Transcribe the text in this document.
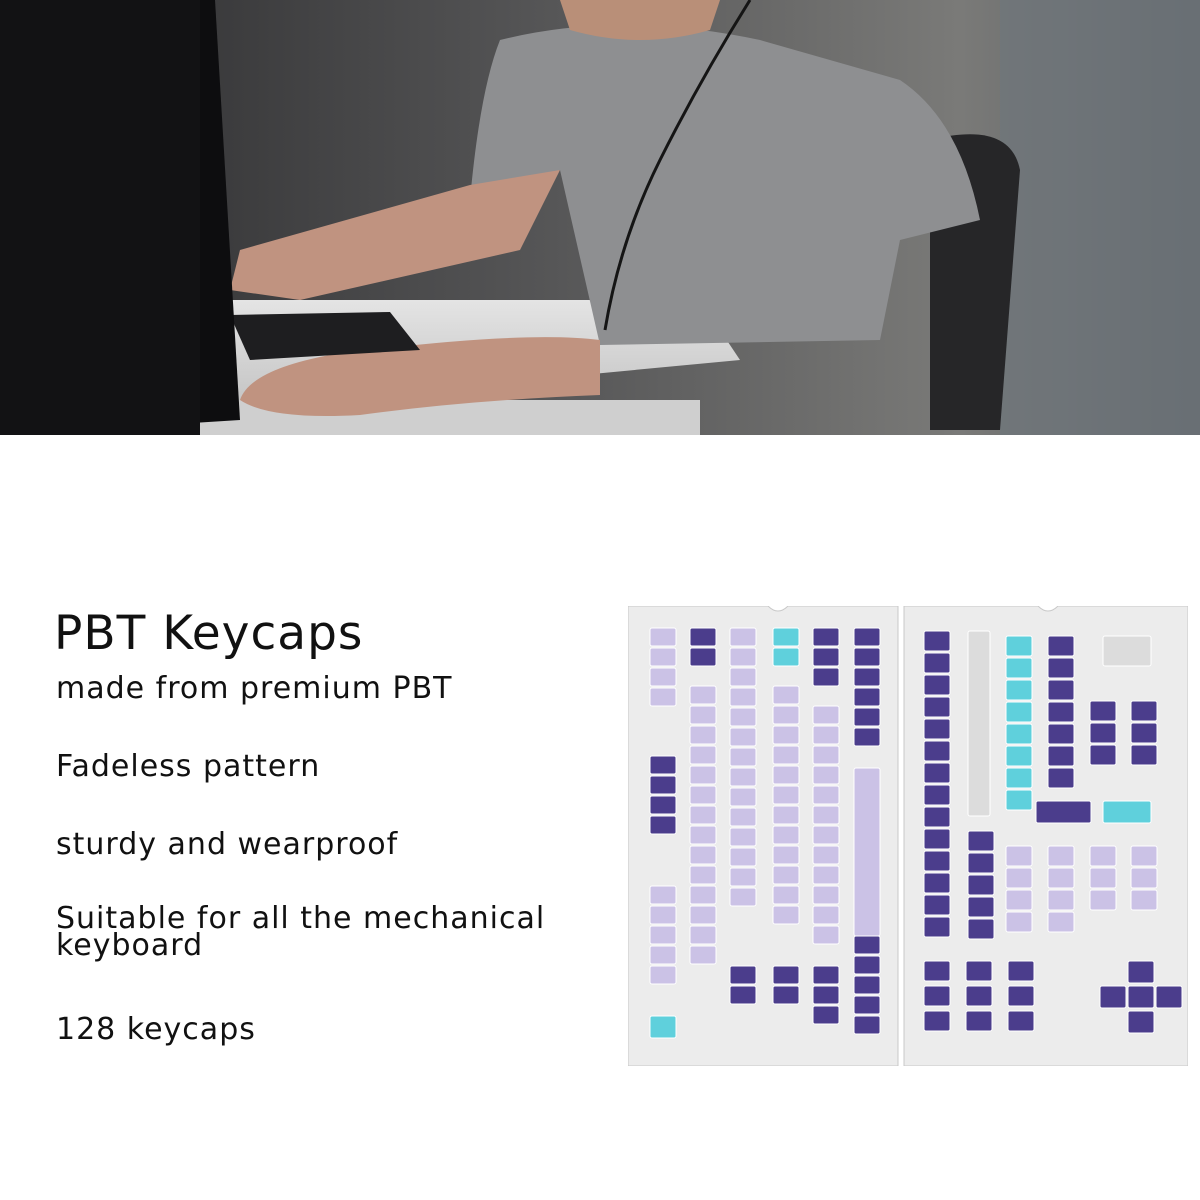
PBT Keycaps
made from premium PBT
Fadeless pattern
sturdy and wearproof
Suitable for all the mechanical keyboard
128 keycaps
